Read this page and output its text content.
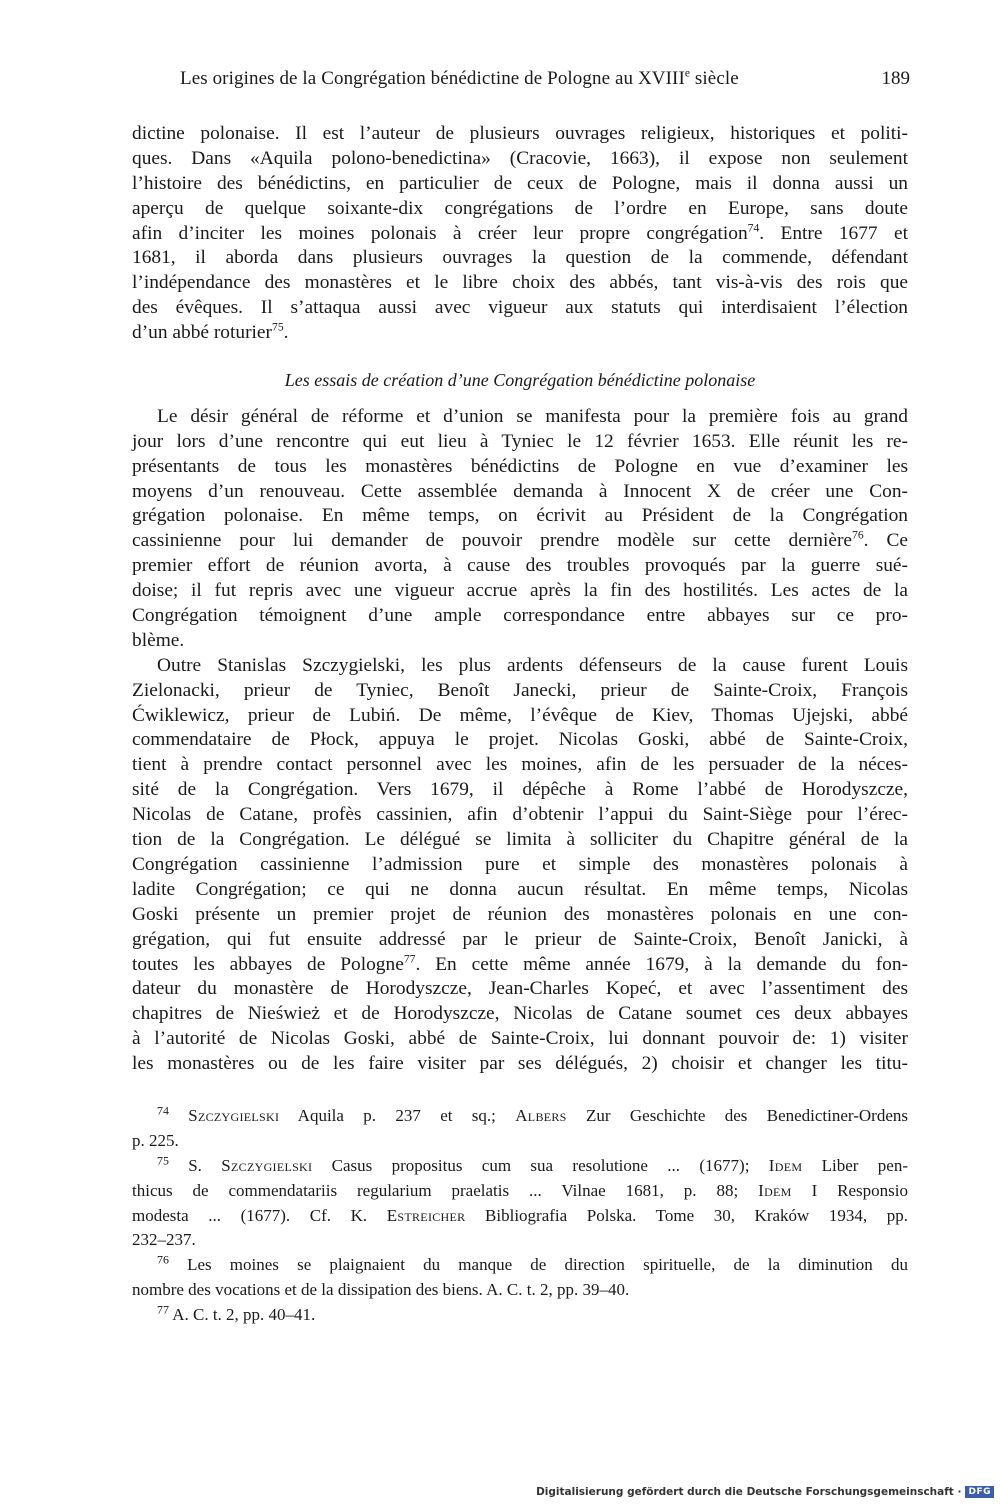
Les origines de la Congrégation bénédictine de Pologne au XVIIIe siècle	189
dictine polonaise. Il est l’auteur de plusieurs ouvrages religieux, historiques et politi-
ques. Dans «Aquila polono-benedictina» (Cracovie, 1663), il expose non seulement
l’histoire des bénédictins, en particulier de ceux de Pologne, mais il donna aussi un
aperçu de quelque soixante-dix congrégations de l’ordre en Europe, sans doute
afin d’inciter les moines polonais à créer leur propre congrégation$^{74}$. Entre 1677 et
1681, il aborda dans plusieurs ouvrages la question de la commende, défendant
l’indépendance des monastères et le libre choix des abbés, tant vis-à-vis des rois que
des évêques. Il s’attaqua aussi avec vigueur aux statuts qui interdisaient l’élection
d’un abbé roturier$^{75}$.
Les essais de création d’une Congrégation bénédictine polonaise
Le désir général de réforme et d’union se manifesta pour la première fois au grand
jour lors d’une rencontre qui eut lieu à Tyniec le 12 février 1653. Elle réunit les re-
présentants de tous les monastères bénédictins de Pologne en vue d’examiner les
moyens d’un renouveau. Cette assemblée demanda à Innocent X de créer une Con-
grégation polonaise. En même temps, on écrivit au Président de la Congrégation
cassinienne pour lui demander de pouvoir prendre modèle sur cette dernière$^{76}$. Ce
premier effort de réunion avorta, à cause des troubles provoqués par la guerre sué-
doise; il fut repris avec une vigueur accrue après la fin des hostilités. Les actes de la
Congrégation témoignent d’une ample correspondance entre abbayes sur ce pro-
blème.
Outre Stanislas Szczygielski, les plus ardents défenseurs de la cause furent Louis
Zielonacki, prieur de Tyniec, Benoît Janecki, prieur de Sainte-Croix, François
Ćwiklewicz, prieur de Lubiń. De même, l’évêque de Kiev, Thomas Ujejski, abbé
commendataire de Płock, appuya le projet. Nicolas Goski, abbé de Sainte-Croix,
tient à prendre contact personnel avec les moines, afin de les persuader de la néces-
sité de la Congrégation. Vers 1679, il dépêche à Rome l’abbé de Horodyszcze,
Nicolas de Catane, profès cassinien, afin d’obtenir l’appui du Saint-Siège pour l’érec-
tion de la Congrégation. Le délégué se limita à solliciter du Chapitre général de la
Congrégation cassinienne l’admission pure et simple des monastères polonais à
ladite Congrégation; ce qui ne donna aucun résultat. En même temps, Nicolas
Goski présente un premier projet de réunion des monastères polonais en une con-
grégation, qui fut ensuite addressé par le prieur de Sainte-Croix, Benoît Janicki, à
toutes les abbayes de Pologne$^{77}$. En cette même année 1679, à la demande du fon-
dateur du monastère de Horodyszcze, Jean-Charles Kopeć, et avec l’assentiment des
chapitres de Nieśwież et de Horodyszcze, Nicolas de Catane soumet ces deux abbayes
à l’autorité de Nicolas Goski, abbé de Sainte-Croix, lui donnant pouvoir de: 1) visiter
les monastères ou de les faire visiter par ses délégués, 2) choisir et changer les titu-
$^{74}$ Szczygielski Aquila p. 237 et sq.; Albers Zur Geschichte des Benedictiner-Ordens
p. 225.
$^{75}$ S. Szczygielski Casus propositus cum sua resolutione ... (1677); Idem Liber pen-
thicus de commendatariis regularium praelatis ... Vilnae 1681, p. 88; Idem I Responsio
modesta ... (1677). Cf. K. Estreicher Bibliografia Polska. Tome 30, Kraków 1934, pp.
232–237.
$^{76}$ Les moines se plaignaient du manque de direction spirituelle, de la diminution du
nombre des vocations et de la dissipation des biens. A. C. t. 2, pp. 39–40.
$^{77}$ A. C. t. 2, pp. 40–41.
Digitalisierung gefördert durch die Deutsche Forschungsgemeinschaft · DFG
